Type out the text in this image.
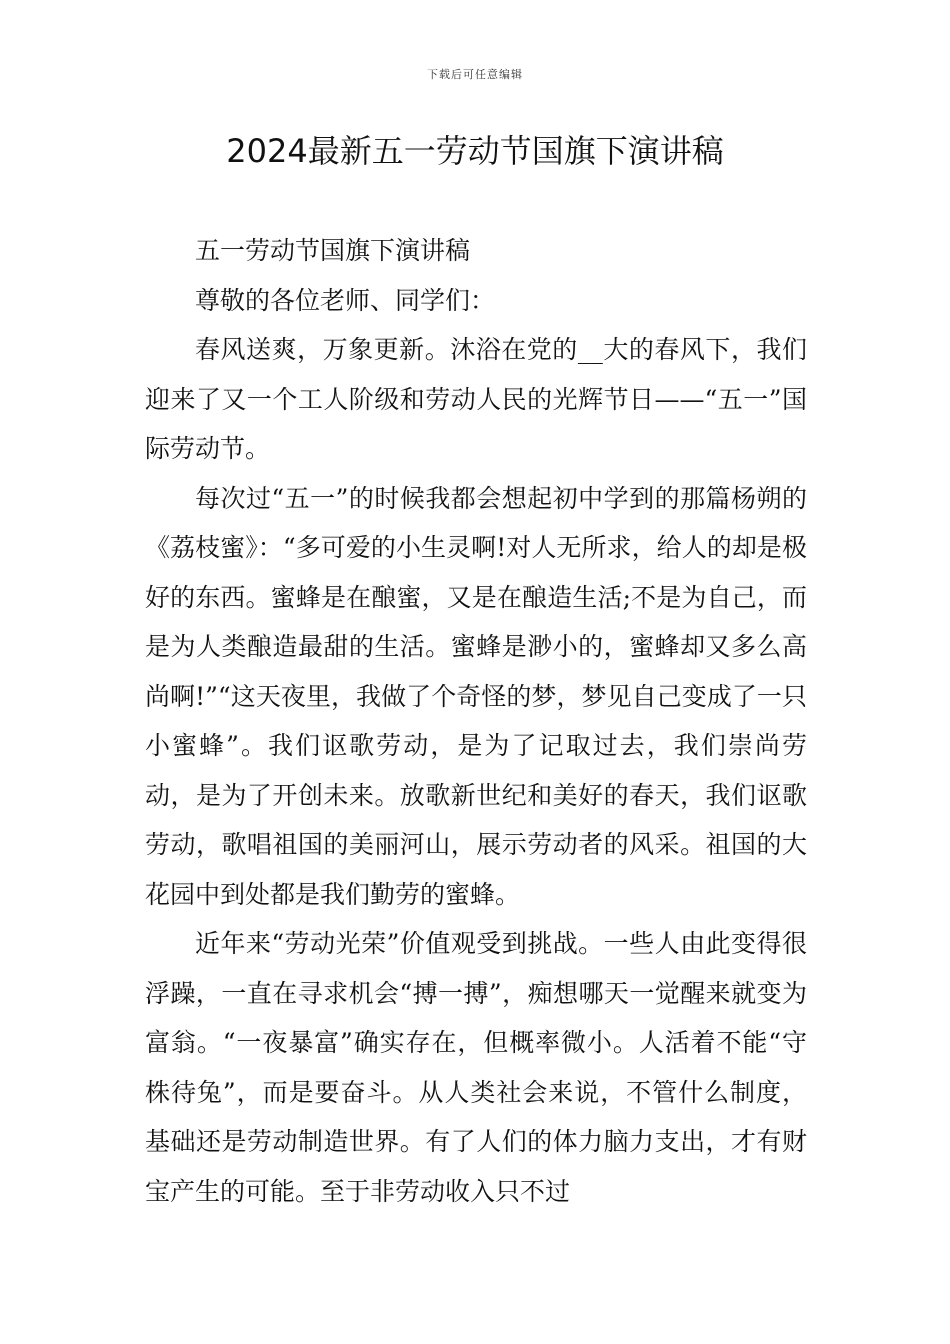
下载后可任意编辑
2024最新五一劳动节国旗下演讲稿

五一劳动节国旗下演讲稿

尊敬的各位老师、同学们：

春风送爽，万象更新。沐浴在党的__大的春风下，我们迎来了又一个工人阶级和劳动人民的光辉节日——“五一”国际劳动节。

每次过“五一”的时候我都会想起初中学到的那篇杨朔的《荔枝蜜》：“多可爱的小生灵啊!对人无所求，给人的却是极好的东西。蜜蜂是在酿蜜，又是在酿造生活;不是为自己，而是为人类酿造最甜的生活。蜜蜂是渺小的，蜜蜂却又多么高尚啊!”“这天夜里，我做了个奇怪的梦，梦见自己变成了一只小蜜蜂”。我们讴歌劳动，是为了记取过去，我们崇尚劳动，是为了开创未来。放歌新世纪和美好的春天，我们讴歌劳动，歌唱祖国的美丽河山，展示劳动者的风采。祖国的大花园中到处都是我们勤劳的蜜蜂。

近年来“劳动光荣”价值观受到挑战。一些人由此变得很浮躁，一直在寻求机会“搏一搏”，痴想哪天一觉醒来就变为富翁。“一夜暴富”确实存在，但概率微小。人活着不能“守株待兔”，而是要奋斗。从人类社会来说，不管什么制度，基础还是劳动制造世界。有了人们的体力脑力支出，才有财宝产生的可能。至于非劳动收入只不过
